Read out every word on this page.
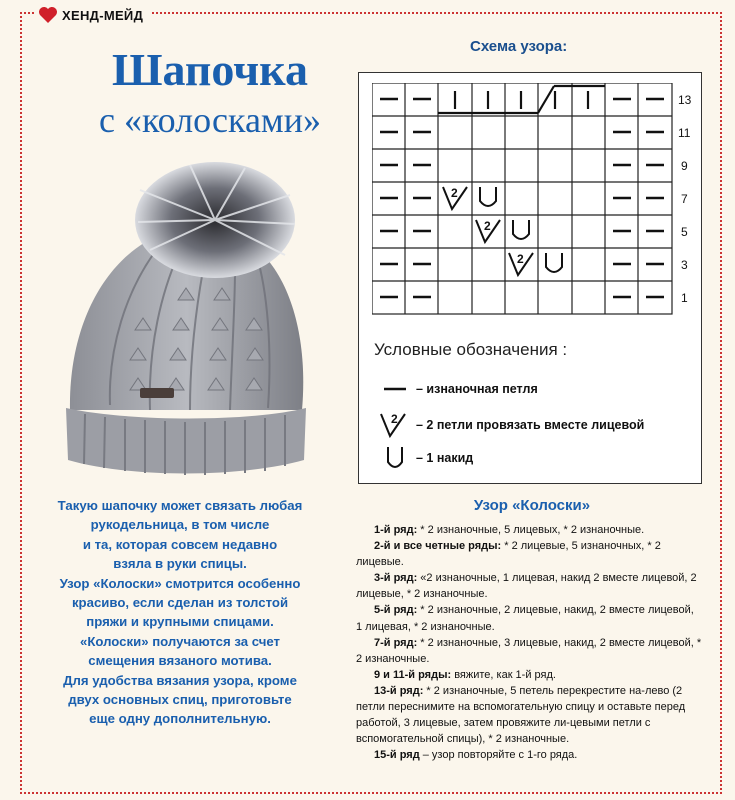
ХЕНД-МЕЙД
Шапочка
с «колосками»
Схема узора:
2
2
2
13
11
9
7
5
3
1
Условные обозначения :
– изнаночная петля
2 – 2 петли провязать вместе лицевой
– 1 накид
Такую шапочку может связать любая
рукодельница, в том числе
и та, которая совсем недавно
взяла в руки спицы.
Узор «Колоски» смотрится особенно
красиво, если сделан из толстой
пряжи и крупными спицами.
«Колоски» получаются за счет
смещения вязаного мотива.
Для удобства вязания узора, кроме
двух основных спиц, приготовьте
еще одну дополнительную.
Узор «Колоски»

1-й ряд: * 2 изнаночные, 5 лицевых, * 2 изнаночные.

2-й и все четные ряды: * 2 лицевые, 5 изнаночных, * 2 лицевые.

3-й ряд: «2 изнаночные, 1 лицевая, накид 2 вместе лицевой, 2 лицевые, * 2 изнаночные.

5-й ряд: * 2 изнаночные, 2 лицевые, накид, 2 вместе лицевой, 1 лицевая, * 2 изнаночные.

7-й ряд: * 2 изнаночные, 3 лицевые, накид, 2 вместе лицевой, * 2 изнаночные.

9 и 11-й ряды: вяжите, как 1-й ряд.

13-й ряд: * 2 изнаночные, 5 петель перекрестите на-лево (2 петли переснимите на вспомогательную спицу и оставьте перед работой, 3 лицевые, затем провяжите ли-цевыми петли с вспомогательной спицы), * 2 изнаночные.

15-й ряд – узор повторяйте с 1-го ряда.
